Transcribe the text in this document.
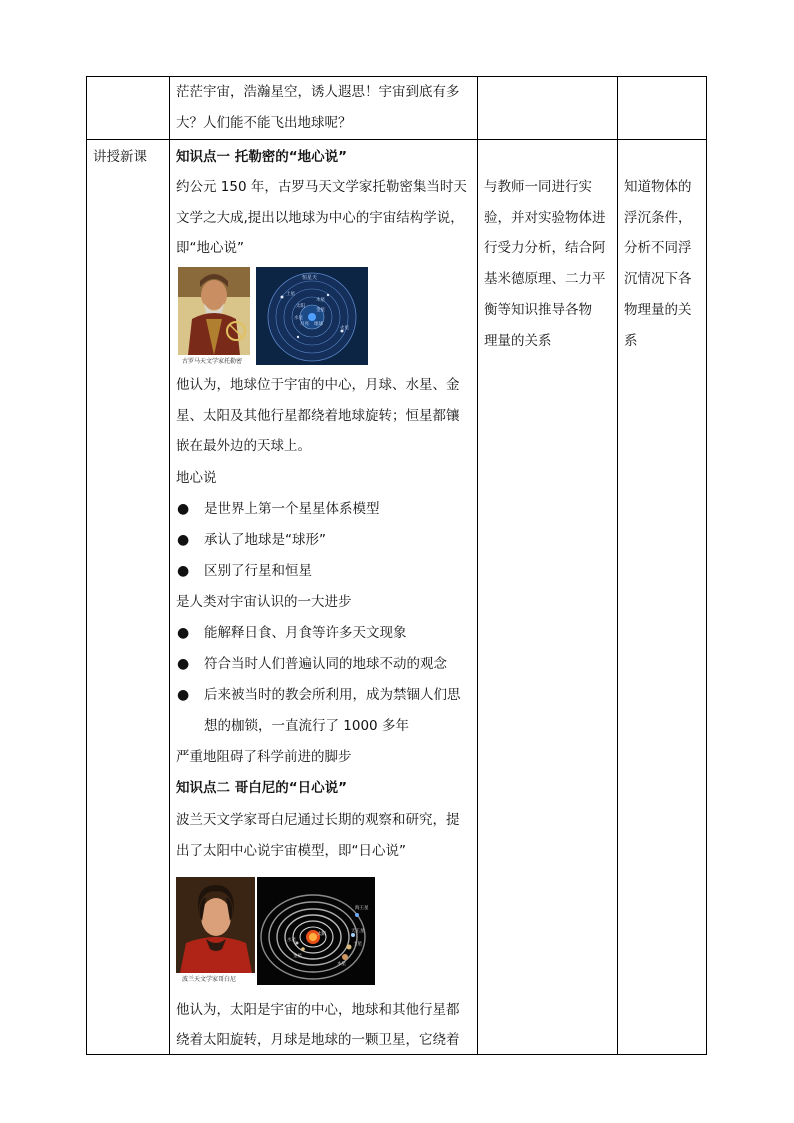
茫茫宇宙，浩瀚星空，诱人遐思！宇宙到底有多
大？人们能不能飞出地球呢？
讲授新课 知识点一 托勒密的“地心说”
约公元 150 年，古罗马天文学家托勒密集当时天
文学之大成,提出以地球为中心的宇宙结构学说，
即“地心说”
古罗马天文学家托勒密
恒星天
土星
太阳
木星
金星
水星
地球
月亮
火星
他认为，地球位于宇宙的中心，月球、水星、金
星、太阳及其他行星都绕着地球旋转；恒星都镶
嵌在最外边的天球上。
地心说
● 是世界上第一个星星体系模型
● 承认了地球是“球形”
● 区别了行星和恒星
是人类对宇宙认识的一大进步
● 能解释日食、月食等许多天文现象
● 符合当时人们普遍认同的地球不动的观念
● 后来被当时的教会所利用，成为禁锢人们思
想的枷锁，一直流行了 1000 多年
严重地阻碍了科学前进的脚步
知识点二 哥白尼的“日心说”
波兰天文学家哥白尼通过长期的观察和研究，提
出了太阳中心说宇宙模型，即“日心说”
波兰天文学家哥白尼
海王星
天王星
土星
木星
太阳
水星
金星
他认为，太阳是宇宙的中心，地球和其他行星都
绕着太阳旋转，月球是地球的一颗卫星，它绕着
与教师一同进行实
验，并对实验物体进
行受力分析，结合阿
基米德原理、二力平
衡等知识推导各物
理量的关系
知道物体的
浮沉条件，
分析不同浮
沉情况下各
物理量的关
系
